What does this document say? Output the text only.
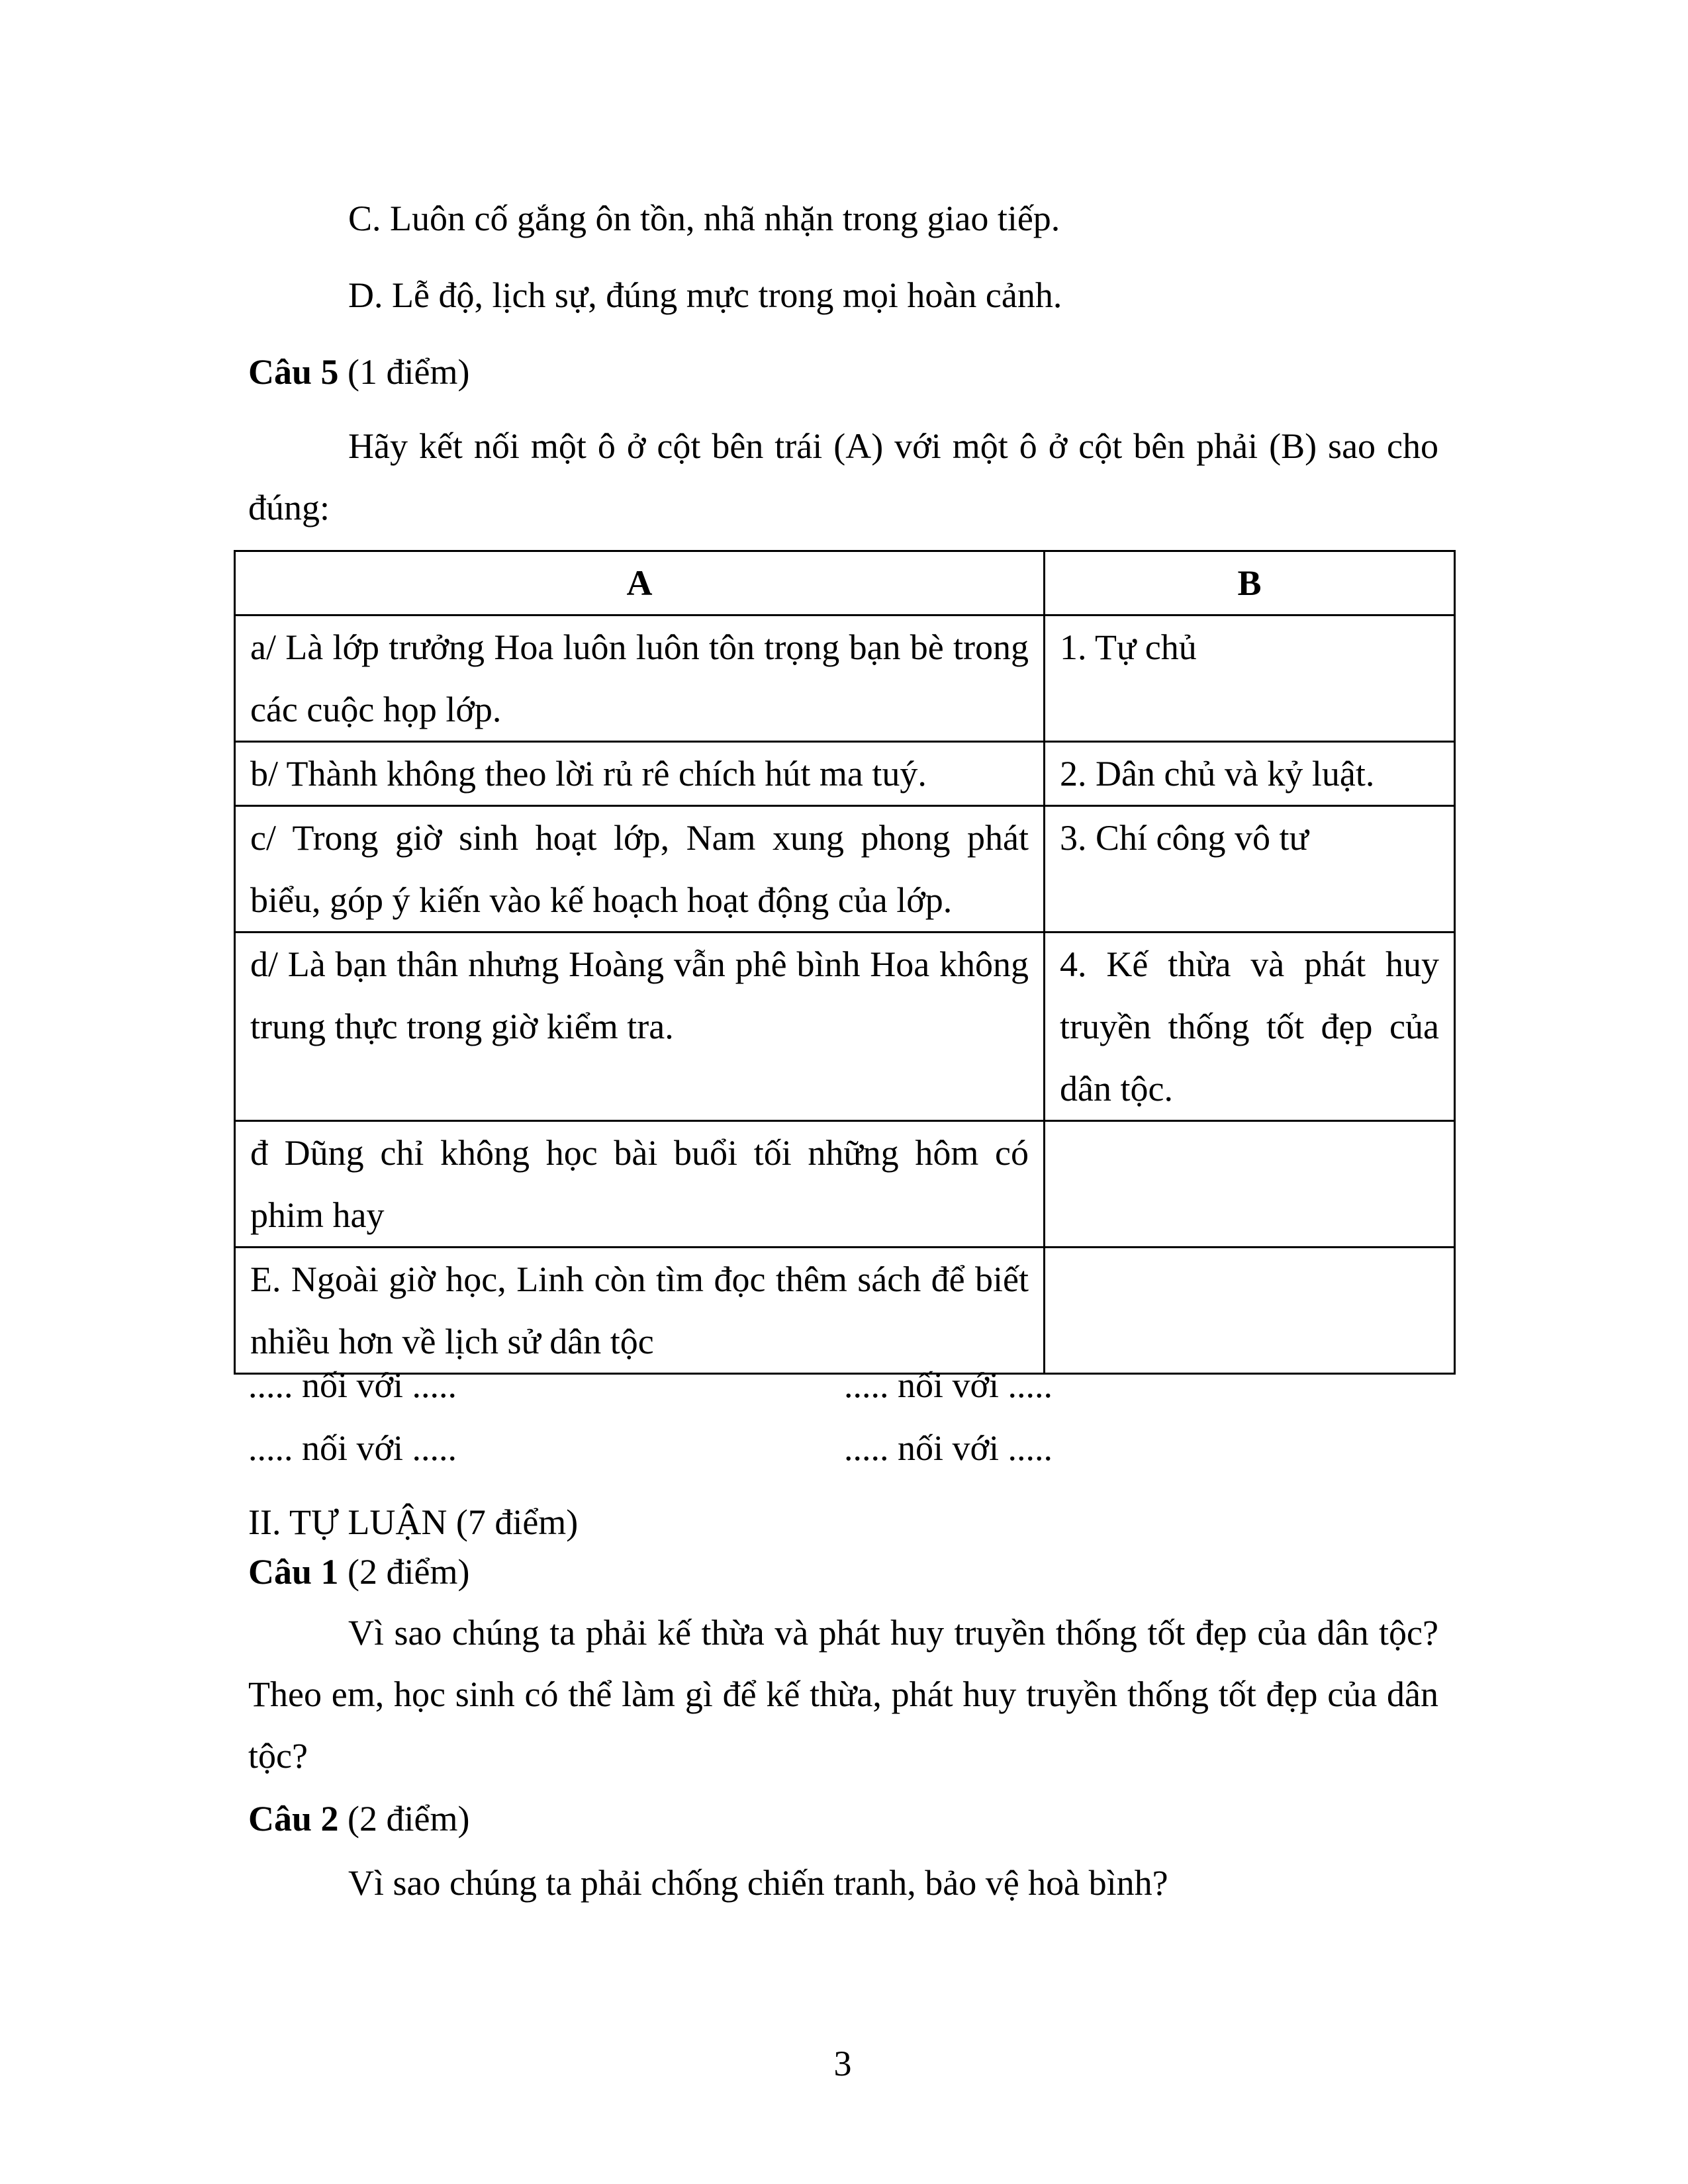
C. Luôn cố gắng ôn tồn, nhã nhặn trong giao tiếp.
D. Lễ độ, lịch sự, đúng mực trong mọi hoàn cảnh.
Câu 5 (1 điểm)
Hãy kết nối một ô ở cột bên trái (A) với một ô ở cột bên phải (B) sao cho đúng:
A	B
a/ Là lớp trưởng Hoa luôn luôn tôn trọng bạn bè trong các cuộc họp lớp.	1. Tự chủ
b/ Thành không theo lời rủ rê chích hút ma tuý.	2. Dân chủ và kỷ luật.
c/ Trong giờ sinh hoạt lớp, Nam xung phong phát biểu, góp ý kiến vào kế hoạch hoạt động của lớp.	3. Chí công vô tư
d/ Là bạn thân nhưng Hoàng vẫn phê bình Hoa không trung thực trong giờ kiểm tra.	4. Kế thừa và phát huy truyền thống tốt đẹp của dân tộc.
đ Dũng chỉ không học bài buổi tối những hôm có phim hay	
E. Ngoài giờ học, Linh còn tìm đọc thêm sách để biết nhiều hơn về lịch sử dân tộc	
..... nối với .....	..... nối với .....
..... nối với .....	..... nối với .....
II. TỰ LUẬN (7 điểm)
Câu 1 (2 điểm)
Vì sao chúng ta phải kế thừa và phát huy truyền thống tốt đẹp của dân tộc? Theo em, học sinh có thể làm gì để kế thừa, phát huy truyền thống tốt đẹp của dân tộc?
Câu 2 (2 điểm)
Vì sao chúng ta phải chống chiến tranh, bảo vệ hoà bình?
3
